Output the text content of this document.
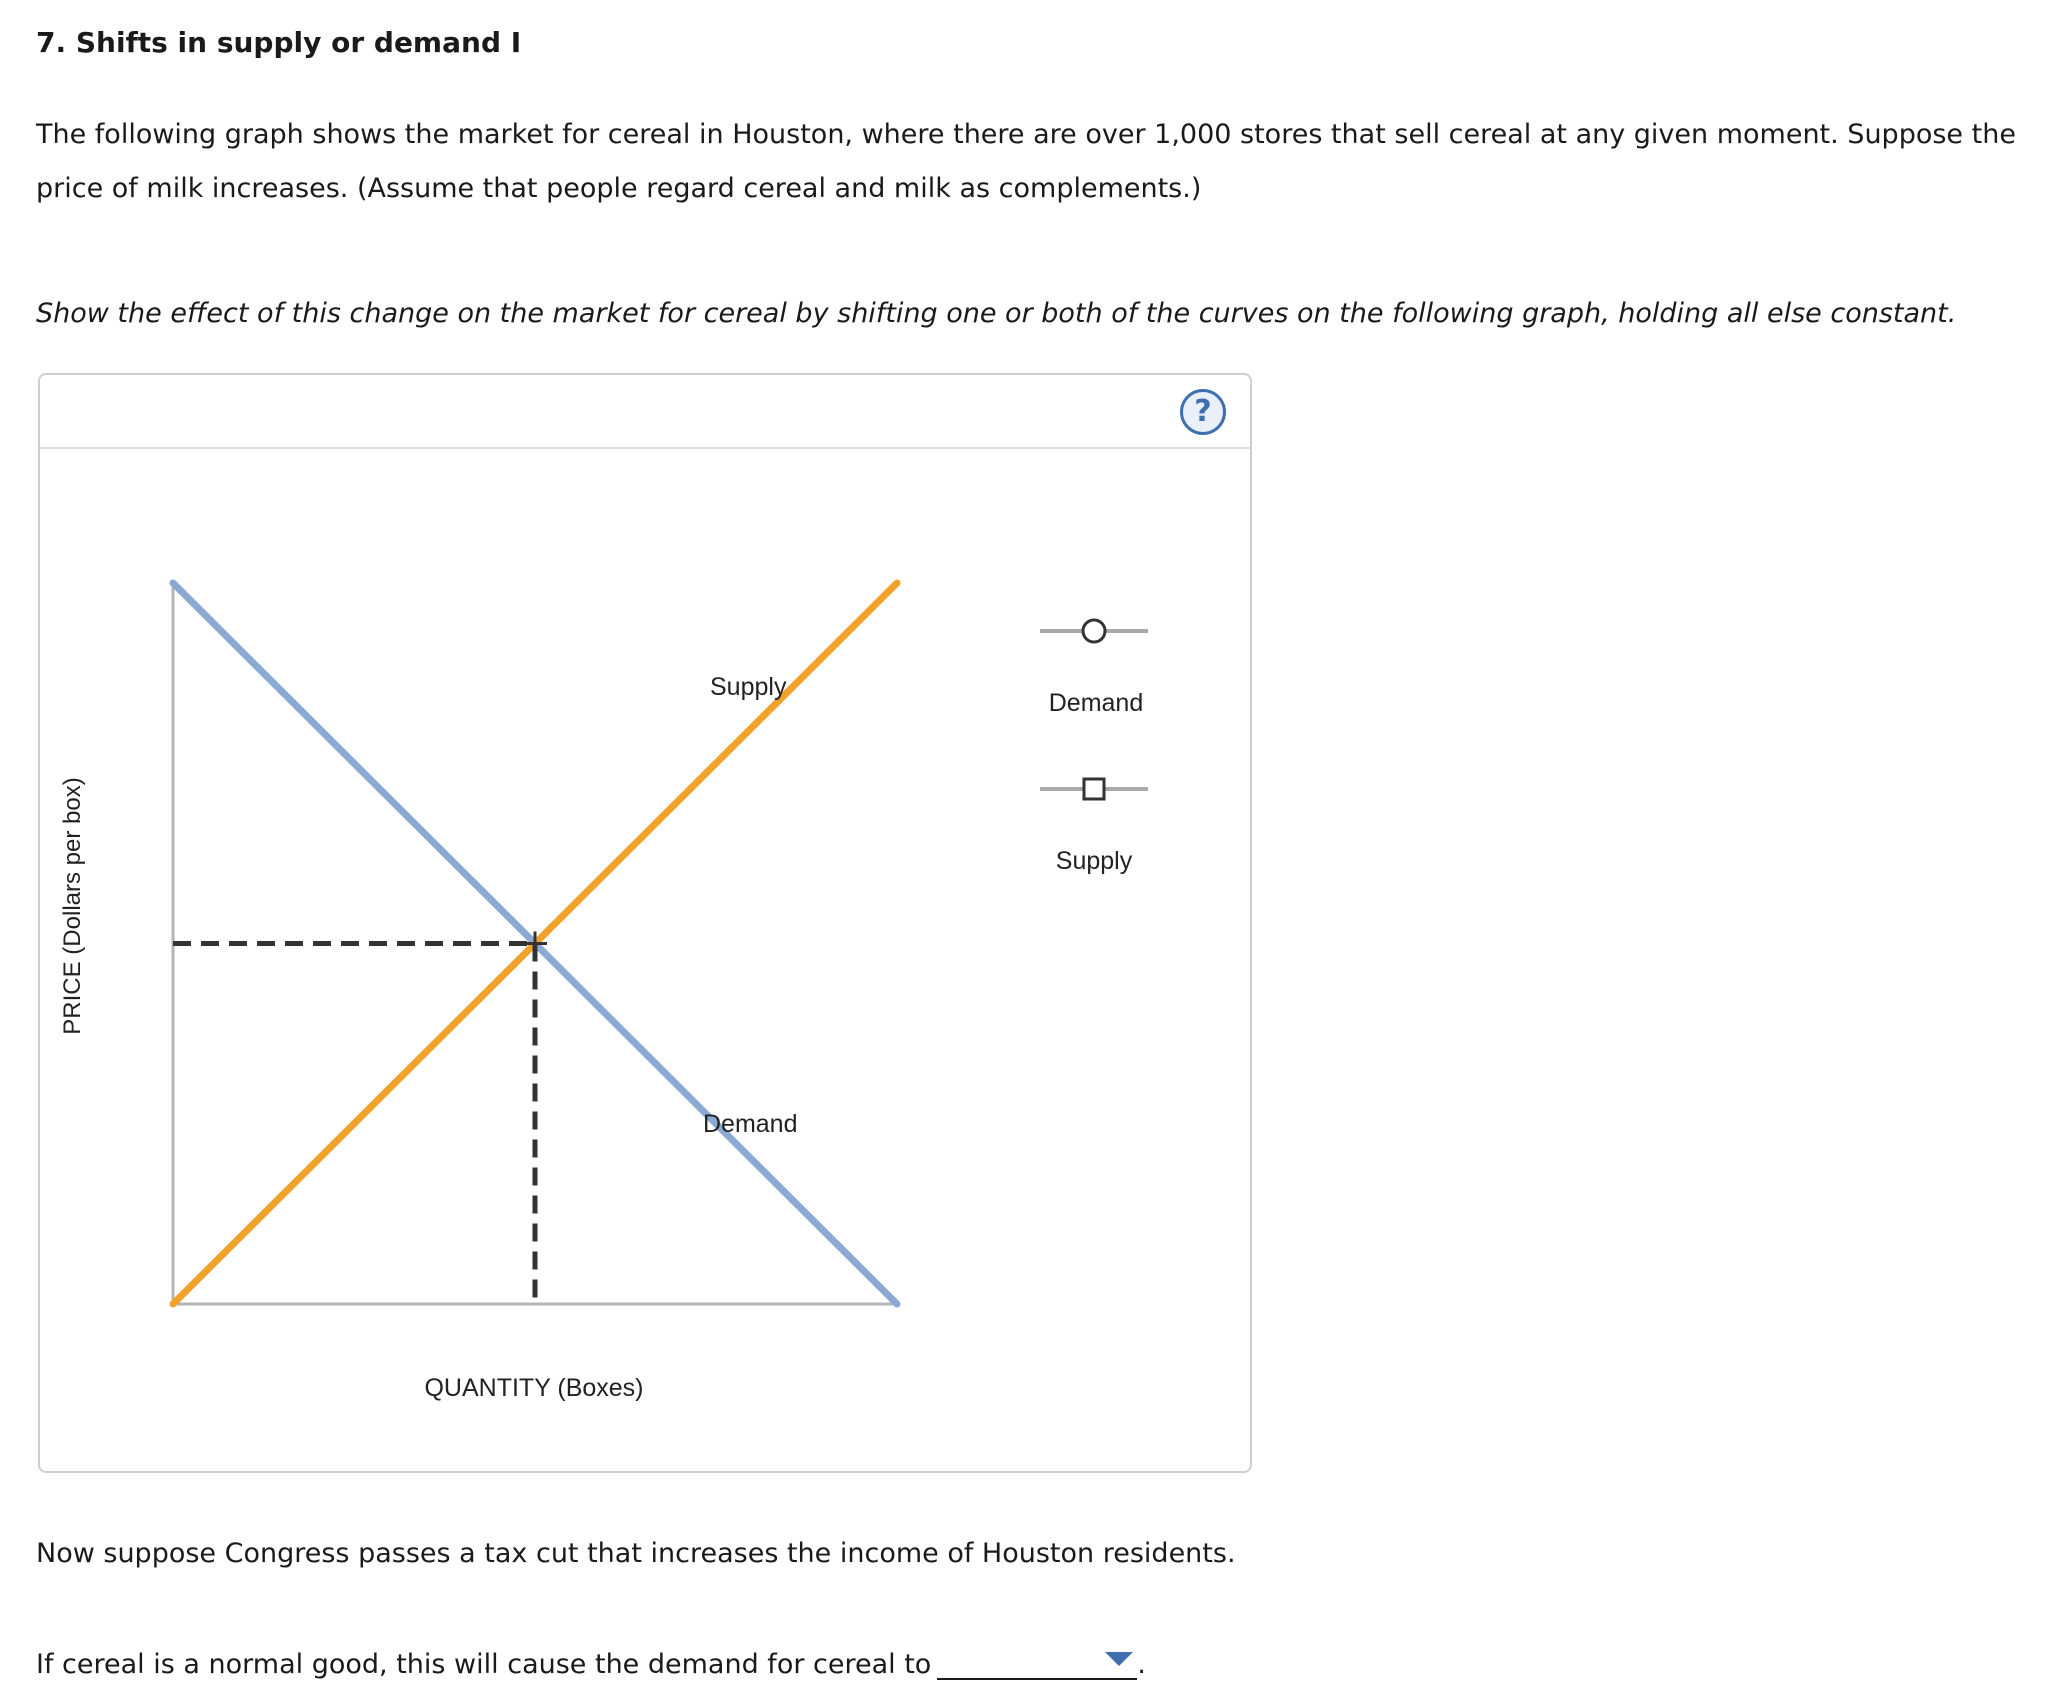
7. Shifts in supply or demand I
The following graph shows the market for cereal in Houston, where there are over 1,000 stores that sell cereal at any given moment. Suppose the price of milk increases. (Assume that people regard cereal and milk as complements.)
Show the effect of this change on the market for cereal by shifting one or both of the curves on the following graph, holding all else constant.
?
PRICE (Dollars per box)
Supply
Demand
QUANTITY (Boxes)
Demand
Supply
Now suppose Congress passes a tax cut that increases the income of Houston residents.
If cereal is a normal good, this will cause the demand for cereal to	.
